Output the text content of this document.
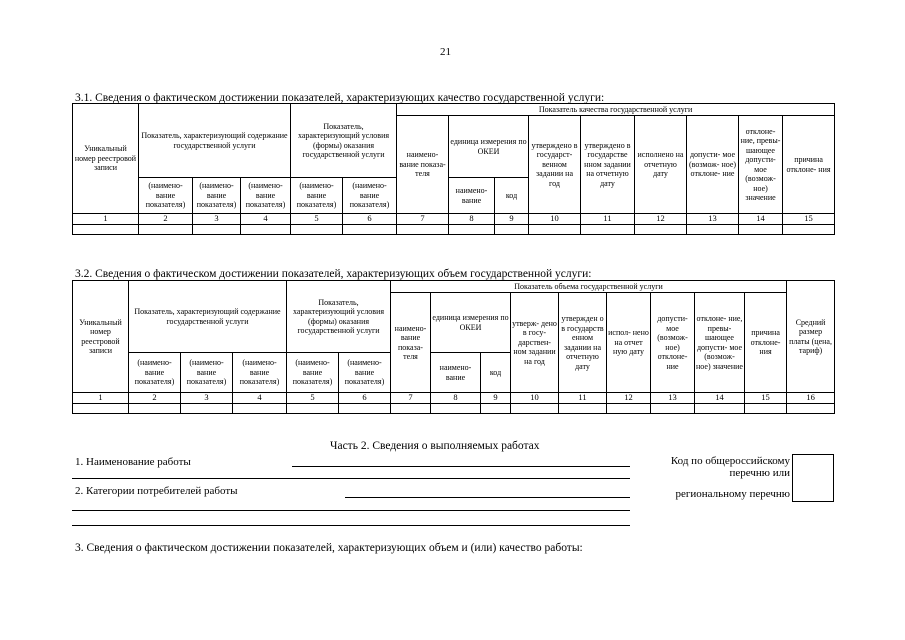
21
3.1. Сведения о фактическом достижении показателей, характеризующих качество государственной услуги:
Уникальный номер реестровой записи	Показатель, характеризующий содержание государственной услуги			Показатель, характеризующий условия (формы) оказания государственной услуги		Показатель качества государственной услуги								
						наимено- вание показа- теля	единица измерения по ОКЕИ		утверждено в государст- венном задании на год	утверждено в государстве нном задании на отчетную дату	исполнено на отчетную дату	допусти- мое (возмож- ное) отклоне- ние	отклоне- ние, превы- шающее допусти- мое (возмож- ное) значение	причина отклоне- ния
	(наимено- вание показателя)	(наимено- вание показателя)	(наимено- вание показателя)	(наимено- вание показателя)	(наимено- вание показателя)		наимено- вание	код						
1	2	3	4	5	6	7	8	9	10	11	12	13	14	15

3.2. Сведения о фактическом достижении показателей, характеризующих объем государственной услуги:
Уникальный номер реестровой записи	Показатель, характеризующий содержание государственной услуги			Показатель, характеризующий условия (формы) оказания государственной услуги		Показатель объема государственной услуги									Средний размер платы (цена, тариф)
						наимено- вание показа- теля	единица измерения по ОКЕИ		утверж- дено в госу- дарствен- ном задании на год	утвержден о в государств енном задании на отчетную дату	испол- нено на отчет ную дату	допусти- мое (возмож- ное) отклоне- ние	отклоне- ние, превы- шающее допусти- мое (возмож- ное) значение	причина отклоне- ния	
	(наимено- вание показателя)	(наимено- вание показателя)	(наимено- вание показателя)	(наимено- вание показателя)	(наимено- вание показателя)		наимено- вание	код							
1	2	3	4	5	6	7	8	9	10	11	12	13	14	15	16

Часть 2. Сведения о выполняемых работах
1. Наименование работы
2. Категории потребителей работы
Код по общероссийскому
перечню или
региональному перечню
3. Сведения о фактическом достижении показателей, характеризующих объем и (или) качество работы:
